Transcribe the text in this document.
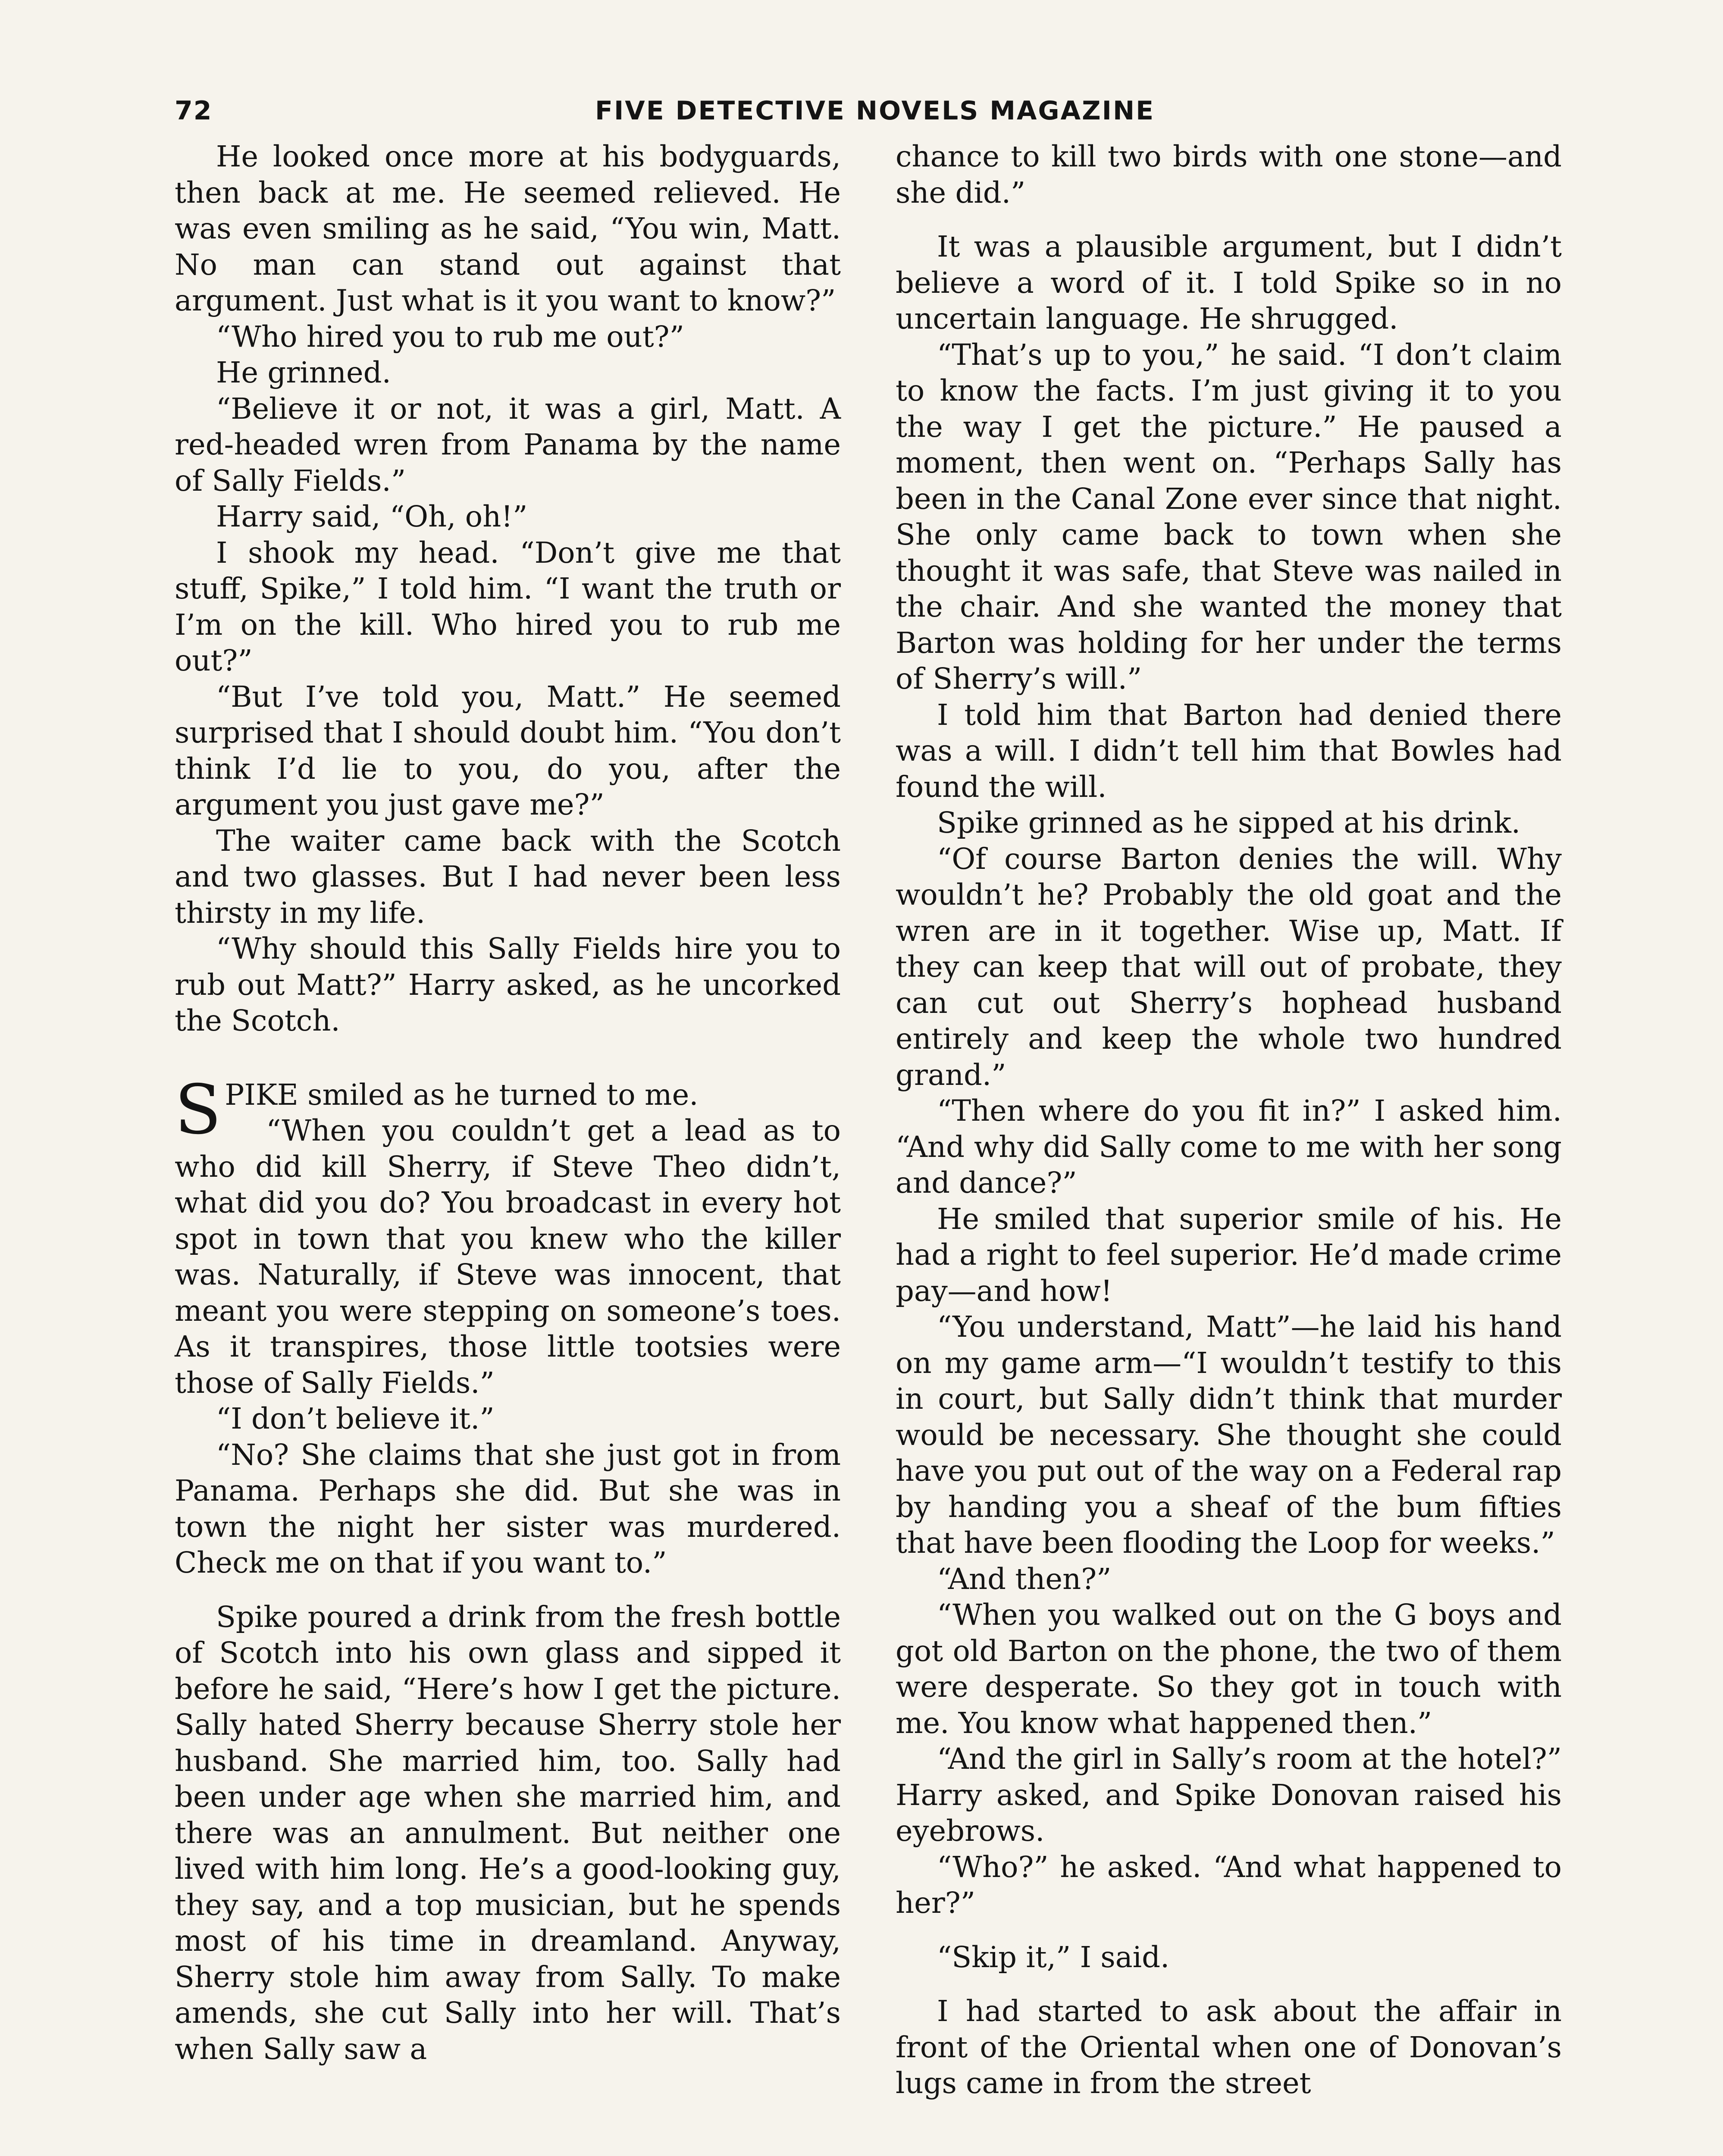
72	FIVE DETECTIVE NOVELS MAGAZINE

He looked once more at his bodyguards, then back at me. He seemed relieved. He was even smiling as he said, “You win, Matt. No man can stand out against that argument. Just what is it you want to know?”

“Who hired you to rub me out?”

He grinned.

“Believe it or not, it was a girl, Matt. A red-headed wren from Panama by the name of Sally Fields.”

Harry said, “Oh, oh!”

I shook my head. “Don’t give me that stuff, Spike,” I told him. “I want the truth or I’m on the kill. Who hired you to rub me out?”

“But I’ve told you, Matt.” He seemed surprised that I should doubt him. “You don’t think I’d lie to you, do you, after the argument you just gave me?”

The waiter came back with the Scotch and two glasses. But I had never been less thirsty in my life.

“Why should this Sally Fields hire you to rub out Matt?” Harry asked, as he uncorked the Scotch.

SPIKE smiled as he turned to me.

“When you couldn’t get a lead as to who did kill Sherry, if Steve Theo didn’t, what did you do? You broadcast in every hot spot in town that you knew who the killer was. Naturally, if Steve was innocent, that meant you were stepping on someone’s toes. As it transpires, those little tootsies were those of Sally Fields.”

“I don’t believe it.”

“No? She claims that she just got in from Panama. Perhaps she did. But she was in town the night her sister was murdered. Check me on that if you want to.”

Spike poured a drink from the fresh bottle of Scotch into his own glass and sipped it before he said, “Here’s how I get the picture. Sally hated Sherry because Sherry stole her husband. She married him, too. Sally had been under age when she married him, and there was an annulment. But neither one lived with him long. He’s a good-looking guy, they say, and a top musician, but he spends most of his time in dreamland. Anyway, Sherry stole him away from Sally. To make amends, she cut Sally into her will. That’s when Sally saw a

chance to kill two birds with one stone—and she did.”

It was a plausible argument, but I didn’t believe a word of it. I told Spike so in no uncertain language. He shrugged.

“That’s up to you,” he said. “I don’t claim to know the facts. I’m just giving it to you the way I get the picture.” He paused a moment, then went on. “Perhaps Sally has been in the Canal Zone ever since that night. She only came back to town when she thought it was safe, that Steve was nailed in the chair. And she wanted the money that Barton was holding for her under the terms of Sherry’s will.”

I told him that Barton had denied there was a will. I didn’t tell him that Bowles had found the will.

Spike grinned as he sipped at his drink.

“Of course Barton denies the will. Why wouldn’t he? Probably the old goat and the wren are in it together. Wise up, Matt. If they can keep that will out of probate, they can cut out Sherry’s hophead husband entirely and keep the whole two hundred grand.”

“Then where do you fit in?” I asked him. “And why did Sally come to me with her song and dance?”

He smiled that superior smile of his. He had a right to feel superior. He’d made crime pay—and how!

“You understand, Matt”—he laid his hand on my game arm—“I wouldn’t testify to this in court, but Sally didn’t think that murder would be necessary. She thought she could have you put out of the way on a Federal rap by handing you a sheaf of the bum fifties that have been flooding the Loop for weeks.”

“And then?”

“When you walked out on the G boys and got old Barton on the phone, the two of them were desperate. So they got in touch with me. You know what happened then.”

“And the girl in Sally’s room at the hotel?” Harry asked, and Spike Donovan raised his eyebrows.

“Who?” he asked. “And what happened to her?”

“Skip it,” I said.

I had started to ask about the affair in front of the Oriental when one of Donovan’s lugs came in from the street
